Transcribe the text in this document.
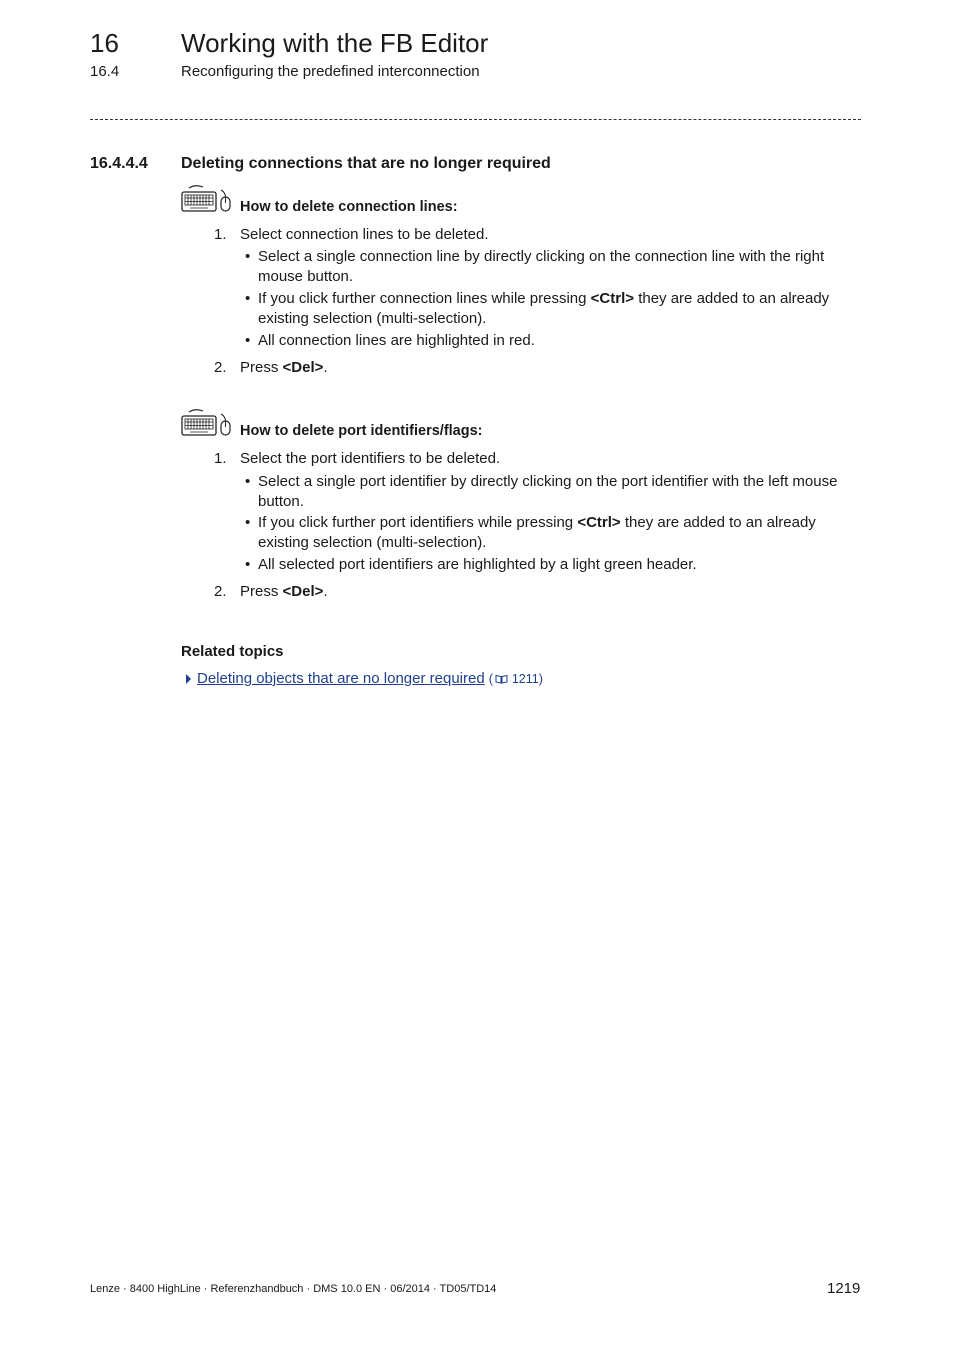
16 Working with the FB Editor
16.4	Reconfiguring the predefined interconnection
16.4.4.4 Deleting connections that are no longer required
How to delete connection lines:
1. Select connection lines to be deleted.
• Select a single connection line by directly clicking on the connection line with the right mouse button.
• If you click further connection lines while pressing <Ctrl> they are added to an already existing selection (multi-selection).
• All connection lines are highlighted in red.
2. Press <Del>.
How to delete port identifiers/flags:
1. Select the port identifiers to be deleted.
• Select a single port identifier by directly clicking on the port identifier with the left mouse button.
• If you click further port identifiers while pressing <Ctrl> they are added to an already existing selection (multi-selection).
• All selected port identifiers are highlighted by a light green header.
2. Press <Del>.
Related topics
Deleting objects that are no longer required ( 1211)
Lenze · 8400 HighLine · Referenzhandbuch · DMS 10.0 EN · 06/2014 · TD05/TD14	1219
